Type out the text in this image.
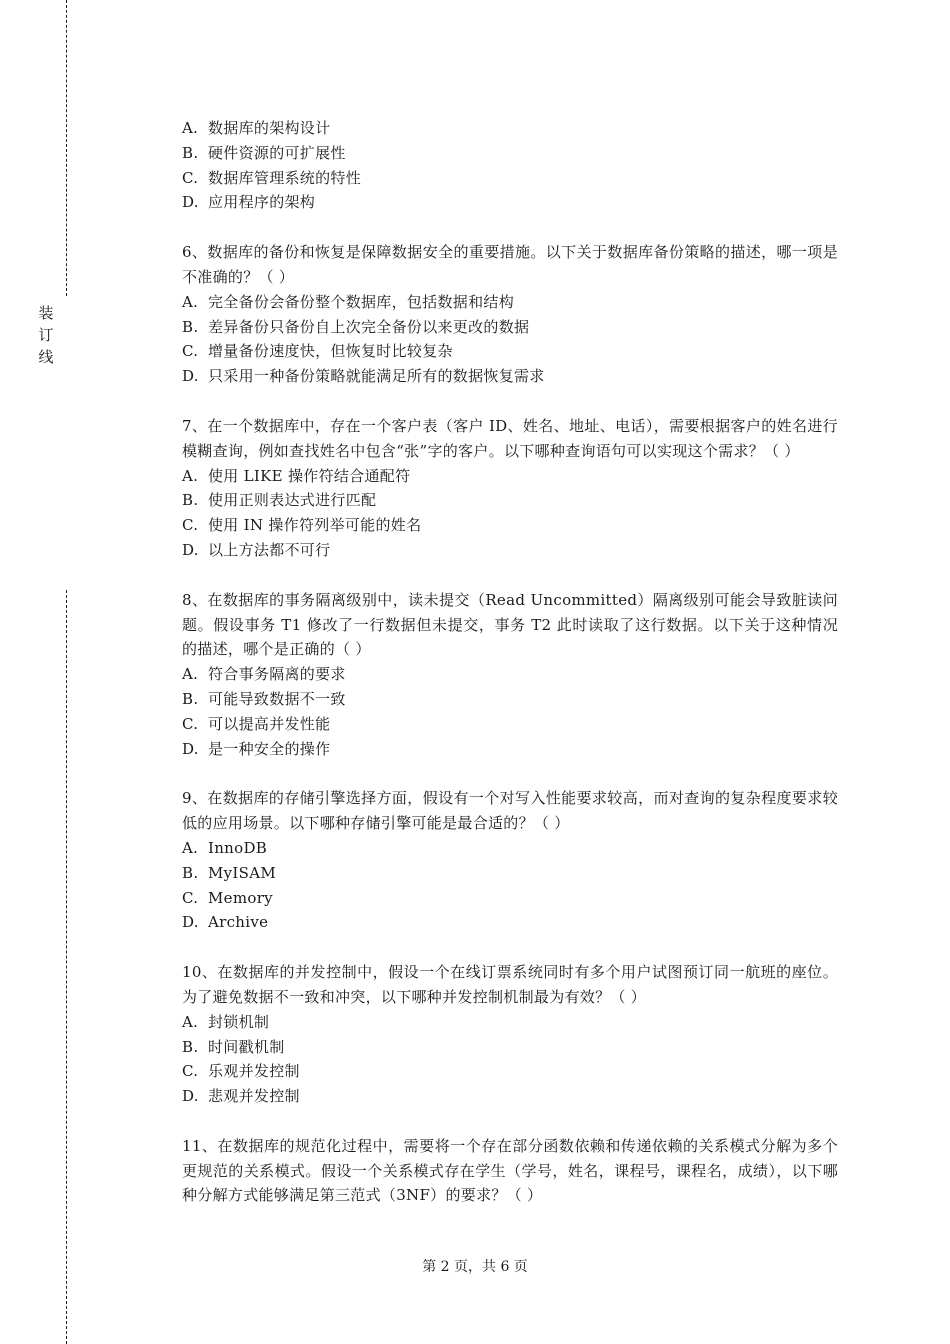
装
订
线
A. 数据库的架构设计
B. 硬件资源的可扩展性
C. 数据库管理系统的特性
D. 应用程序的架构
6、数据库的备份和恢复是保障数据安全的重要措施。以下关于数据库备份策略的描述，哪一项是不准确的？（ ）
A. 完全备份会备份整个数据库，包括数据和结构
B. 差异备份只备份自上次完全备份以来更改的数据
C. 增量备份速度快，但恢复时比较复杂
D. 只采用一种备份策略就能满足所有的数据恢复需求
7、在一个数据库中，存在一个客户表（客户 ID、姓名、地址、电话），需要根据客户的姓名进行模糊查询，例如查找姓名中包含“张”字的客户。以下哪种查询语句可以实现这个需求？（ ）
A. 使用 LIKE 操作符结合通配符
B. 使用正则表达式进行匹配
C. 使用 IN 操作符列举可能的姓名
D. 以上方法都不可行
8、在数据库的事务隔离级别中，读未提交（Read Uncommitted）隔离级别可能会导致脏读问题。假设事务 T1 修改了一行数据但未提交，事务 T2 此时读取了这行数据。以下关于这种情况的描述，哪个是正确的（ ）
A. 符合事务隔离的要求
B. 可能导致数据不一致
C. 可以提高并发性能
D. 是一种安全的操作
9、在数据库的存储引擎选择方面，假设有一个对写入性能要求较高，而对查询的复杂程度要求较低的应用场景。以下哪种存储引擎可能是最合适的？（ ）
A. InnoDB
B. MyISAM
C. Memory
D. Archive
10、在数据库的并发控制中，假设一个在线订票系统同时有多个用户试图预订同一航班的座位。为了避免数据不一致和冲突，以下哪种并发控制机制最为有效？（ ）
A. 封锁机制
B. 时间戳机制
C. 乐观并发控制
D. 悲观并发控制
11、在数据库的规范化过程中，需要将一个存在部分函数依赖和传递依赖的关系模式分解为多个更规范的关系模式。假设一个关系模式存在学生（学号，姓名，课程号，课程名，成绩），以下哪种分解方式能够满足第三范式（3NF）的要求？（ ）
第 2 页，共 6 页
